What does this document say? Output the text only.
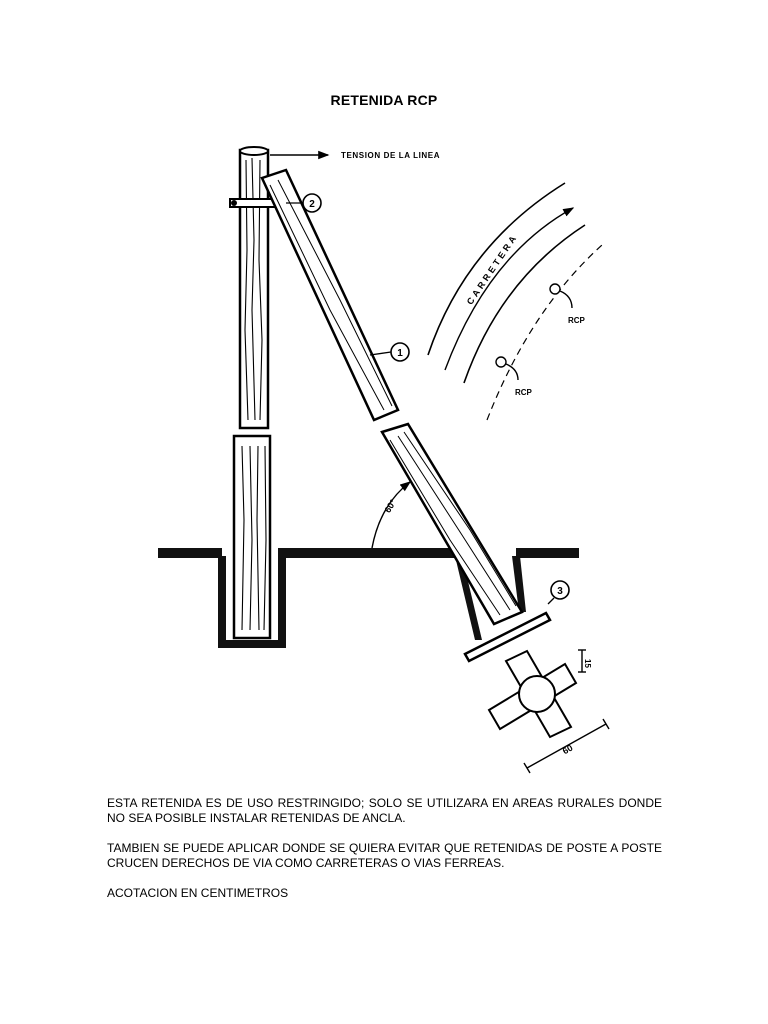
RETENIDA RCP
15
60
60°
TENSION DE LA LINEA
1
2
3
CARRETERA
RCP
RCP
ESTA RETENIDA ES DE USO RESTRINGIDO; SOLO SE UTILIZARA EN AREAS RURALES DONDE NO SEA POSIBLE INSTALAR RETENIDAS DE ANCLA.
TAMBIEN SE PUEDE APLICAR DONDE SE QUIERA EVITAR QUE RETENIDAS DE POSTE A POSTE CRUCEN DERECHOS DE VIA COMO CARRETERAS O VIAS FERREAS.
ACOTACION EN CENTIMETROS
